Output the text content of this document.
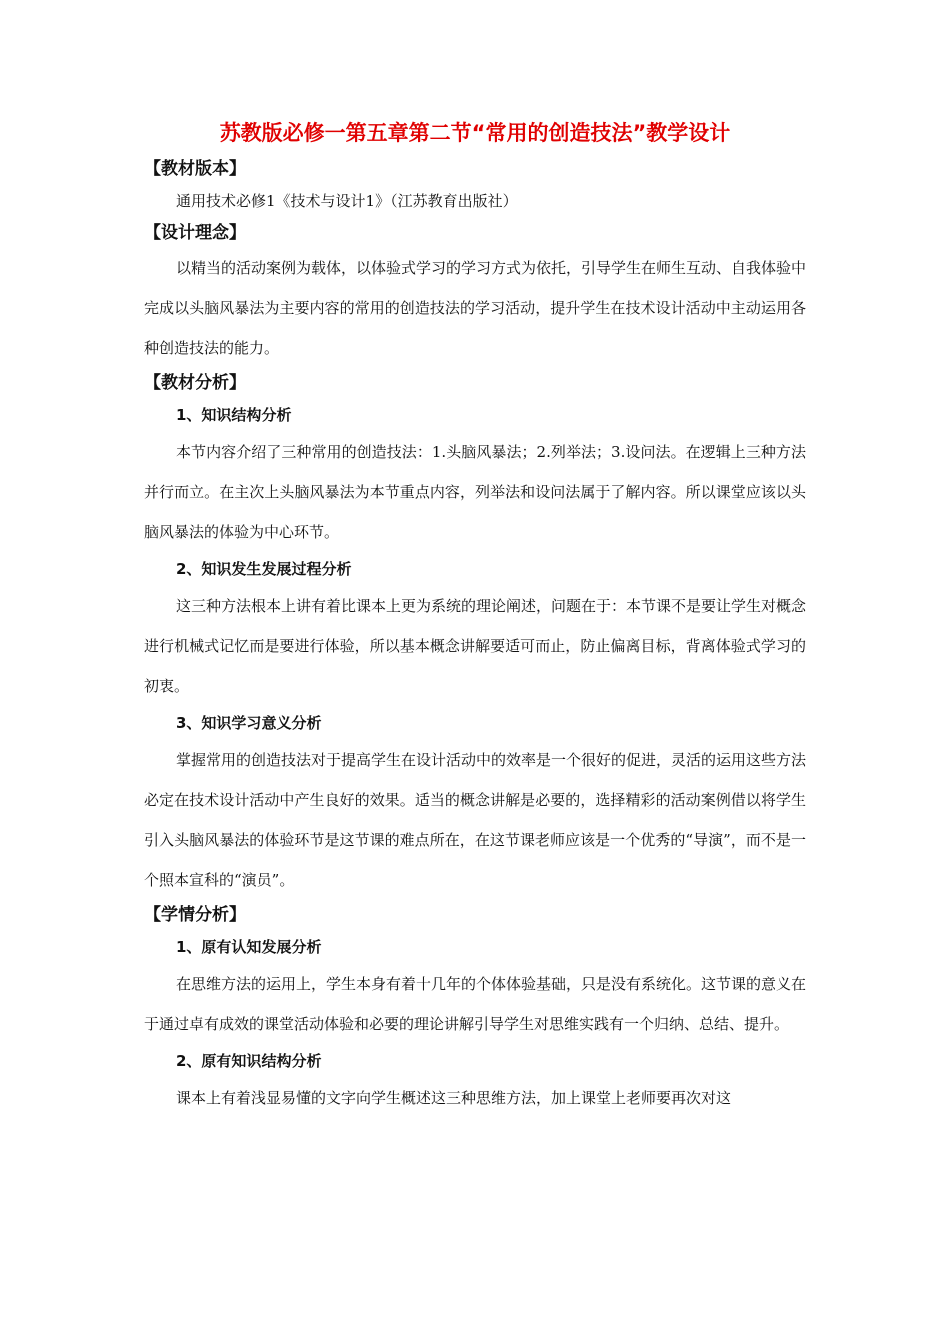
苏教版必修一第五章第二节“常用的创造技法”教学设计
【教材版本】

通用技术必修1《技术与设计1》（江苏教育出版社）

【设计理念】

以精当的活动案例为载体，以体验式学习的学习方式为依托，引导学生在师生互动、自我体验中完成以头脑风暴法为主要内容的常用的创造技法的学习活动，提升学生在技术设计活动中主动运用各种创造技法的能力。

【教材分析】
1、知识结构分析

本节内容介绍了三种常用的创造技法：1.头脑风暴法；2.列举法；3.设问法。在逻辑上三种方法并行而立。在主次上头脑风暴法为本节重点内容，列举法和设问法属于了解内容。所以课堂应该以头脑风暴法的体验为中心环节。

2、知识发生发展过程分析

这三种方法根本上讲有着比课本上更为系统的理论阐述，问题在于：本节课不是要让学生对概念进行机械式记忆而是要进行体验，所以基本概念讲解要适可而止，防止偏离目标，背离体验式学习的初衷。

3、知识学习意义分析

掌握常用的创造技法对于提高学生在设计活动中的效率是一个很好的促进，灵活的运用这些方法必定在技术设计活动中产生良好的效果。适当的概念讲解是必要的，选择精彩的活动案例借以将学生引入头脑风暴法的体验环节是这节课的难点所在，在这节课老师应该是一个优秀的“导演”，而不是一个照本宣科的“演员”。

【学情分析】
1、原有认知发展分析

在思维方法的运用上，学生本身有着十几年的个体体验基础，只是没有系统化。这节课的意义在于通过卓有成效的课堂活动体验和必要的理论讲解引导学生对思维实践有一个归纳、总结、提升。

2、原有知识结构分析

课本上有着浅显易懂的文字向学生概述这三种思维方法，加上课堂上老师要再次对这
